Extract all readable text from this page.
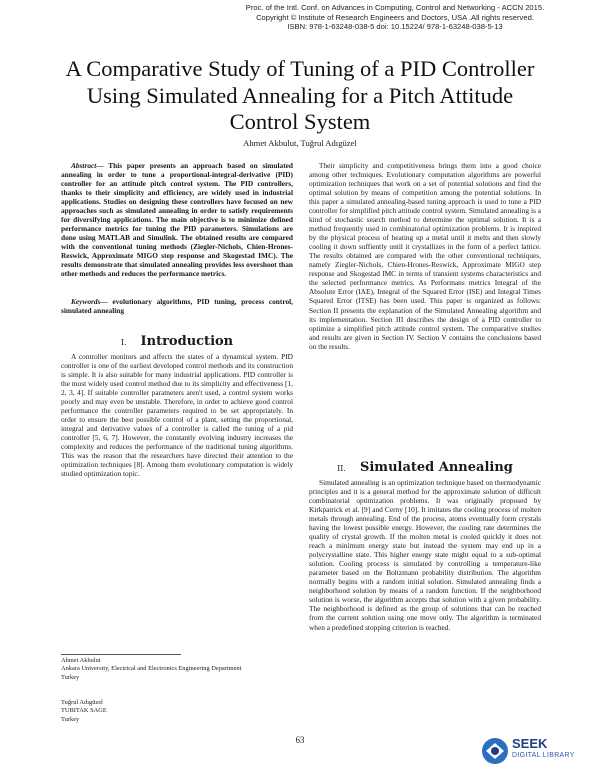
Proc. of the Intl. Conf. on Advances in Computing, Control and Networking - ACCN 2015.
Copyright © Institute of Research Engineers and Doctors, USA .All rights reserved.
ISBN: 978-1-63248-038-5 doi: 10.15224/ 978-1-63248-038-5-13
A Comparative Study of Tuning of a PID Controller
Using Simulated Annealing for a Pitch Attitude
Control System
Ahmet Akbulut, Tuğrul Adıgüzel

Abstract— This paper presents an approach based on simulated annealing in order to tune a proportional-integral-derivative (PID) controller for an attitude pitch control system. The PID controllers, thanks to their simplicity and efficiency, are widely used in industrial applications. Studies on designing these controllers have focused on new approaches such as simulated annealing in order to satisfy requirements for diversifying applications. The main objective is to minimize defined performance metrics for tuning the PID parameters. Simulations are done using MATLAB and Simulink. The obtained results are compared with the conventional tuning methods (Ziegler-Nichols, Chien-Hrones-Reswick, Approximate MIGO step response and Skogestad IMC). The results demonstrate that simulated annealing provides less overshoot than other methods and reduces the performance metrics.

Keywords— evolutionary algorithms, PID tuning, process control, simulated annealing

I. Introduction

A controller monitors and affects the states of a dynamical system. PID controller is one of the earliest developed control methods and its construction is simple. It is also suitable for many industrial applications. PID controller is the most widely used control method due to its simplicity and effectiveness [1, 2, 3, 4]. If suitable controller parameters aren't used, a control system works poorly and may even be unstable. Therefore, in order to achieve good control performance the controller parameters required to be set appropriately. In order to ensure the best possible control of a plant, setting the proportional, integral and derivative values of a controller is called the tuning of a pid controller [5, 6, 7]. However, the constantly evolving industry increases the complexity and reduces the performance of the traditional tuning algorithms. This was the reason that the researchers have directed their attention to the optimization techniques [8]. Among them evolutionary computation is widely studied optimization topic.

Ahmet Akbulut
Ankara University, Electrical and Electronics Engineering Department
Turkey
Tuğrul Adıgüzel
TUBITAK SAGE
Turkey

Their simplicity and competitiveness brings them into a good choice among other techniques. Evolutionary computation algorithms are powerful optimization techniques that work on a set of potential solutions and find the optimal solution by means of competition among the potential solutions. In this paper a simulated annealing-based tuning approach is used to tune a PID controller for simplified pitch attitude control system. Simulated annealing is a kind of stochastic search method to determine the optimal solution. It is a method frequently used in combinatorial optimization problems. It is inspired by the physical process of heating up a metal until it melts and then slowly cooling it down suffiently until it crystallizes in the form of a perfect lattice. The results obtained are compared with the other conventional techniques, namely Ziegler-Nichols, Chien-Hrones-Reswick, Approximate MIGO step response and Skogestad IMC in terms of transient systems characteristics and the selected performance metrics. As Performans metrics Integral of the Absolute Error (IAE), Integral of the Squared Error (ISE) and Integral Times Squared Error (ITSE) has been used. This paper is organized as follows: Section II presents the explanation of the Simulated Annealing algorithm and its implementation. Section III describes the design of a PID controller to optimize a simplified pitch attitude control system. The comparative studies and results are given in Section IV. Section V contains the conclusions based on the results.

II. Simulated Annealing

Simulated annealing is an optimization technique based on thermodynamic principles and it is a general method for the approximate solution of difficult combinatorial optimization problems. It was originally proposed by Kirkpatrick et al. [9] and Cerny [10]. It imitates the cooling process of molten metals through annealing. End of the process, atoms eventually form crystals having the lowest possible energy. However, the cooling rate determines the quality of crystal growth. If the molten metal is cooled quickly it does not reach a minimum energy state but instead the system may end up in a polycrystalline state. This higher energy state might equal to a sub-optimal solution. Cooling process is simulated by controlling a temperature-like parameter based on the Boltzmann probability distribution. The algorithm normally begins with a random initial solution. Simulated annealing finds a neighborhood solution by means of a random function. If the neighborhood solution is worse, the algorithm accepts that solution with a given probability. The neighborhood is defined as the group of solutions that can be reached from the current solution using one move only. The algorithm is terminated when a predefined stopping criterion is reached.

63	SEEK
DIGITAL LIBRARY
